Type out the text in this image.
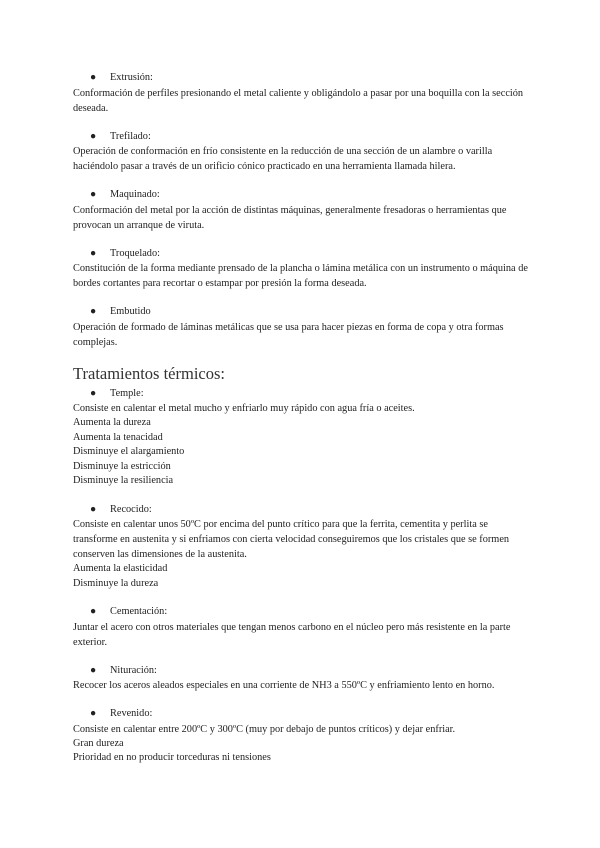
●	Extrusión:

Conformación de perfiles presionando el metal caliente y obligándolo a pasar por una boquilla con la sección deseada.

●	Trefilado:

Operación de conformación en frío consistente en la reducción de una sección de un alambre o varilla haciéndolo pasar a través de un orificio cónico practicado en una herramienta llamada hilera.

●	Maquinado:

Conformación del metal por la acción de distintas máquinas, generalmente fresadoras o herramientas que provocan un arranque de viruta.

●	Troquelado:

Constitución de la forma mediante prensado de la plancha o lámina metálica con un instrumento o máquina de bordes cortantes para recortar o estampar por presión la forma deseada.

●	Embutido

Operación de formado de láminas metálicas que se usa para hacer piezas en forma de copa y otra formas complejas.

Tratamientos térmicos:
●	Temple:

Consiste en calentar el metal mucho y enfriarlo muy rápido con agua fría o aceites.

Aumenta la dureza
Aumenta la tenacidad
Disminuye el alargamiento
Disminuye la estricción
Disminuye la resiliencia
●	Recocido:

Consiste en calentar unos 50ºC por encima del punto crítico para que la ferrita, cementita y perlita se transforme en austenita y si enfriamos con cierta velocidad conseguiremos que los cristales que se formen conserven las dimensiones de la austenita.

Aumenta la elasticidad
Disminuye la dureza
●	Cementación:

Juntar el acero con otros materiales que tengan menos carbono en el núcleo pero más resistente en la parte exterior.

●	Nituración:

Recocer los aceros aleados especiales en una corriente de NH3 a 550ºC y enfriamiento lento en horno.

●	Revenido:

Consiste en calentar entre 200ºC y 300ºC (muy por debajo de puntos críticos) y dejar enfriar.

Gran dureza
Prioridad en no producir torceduras ni tensiones
